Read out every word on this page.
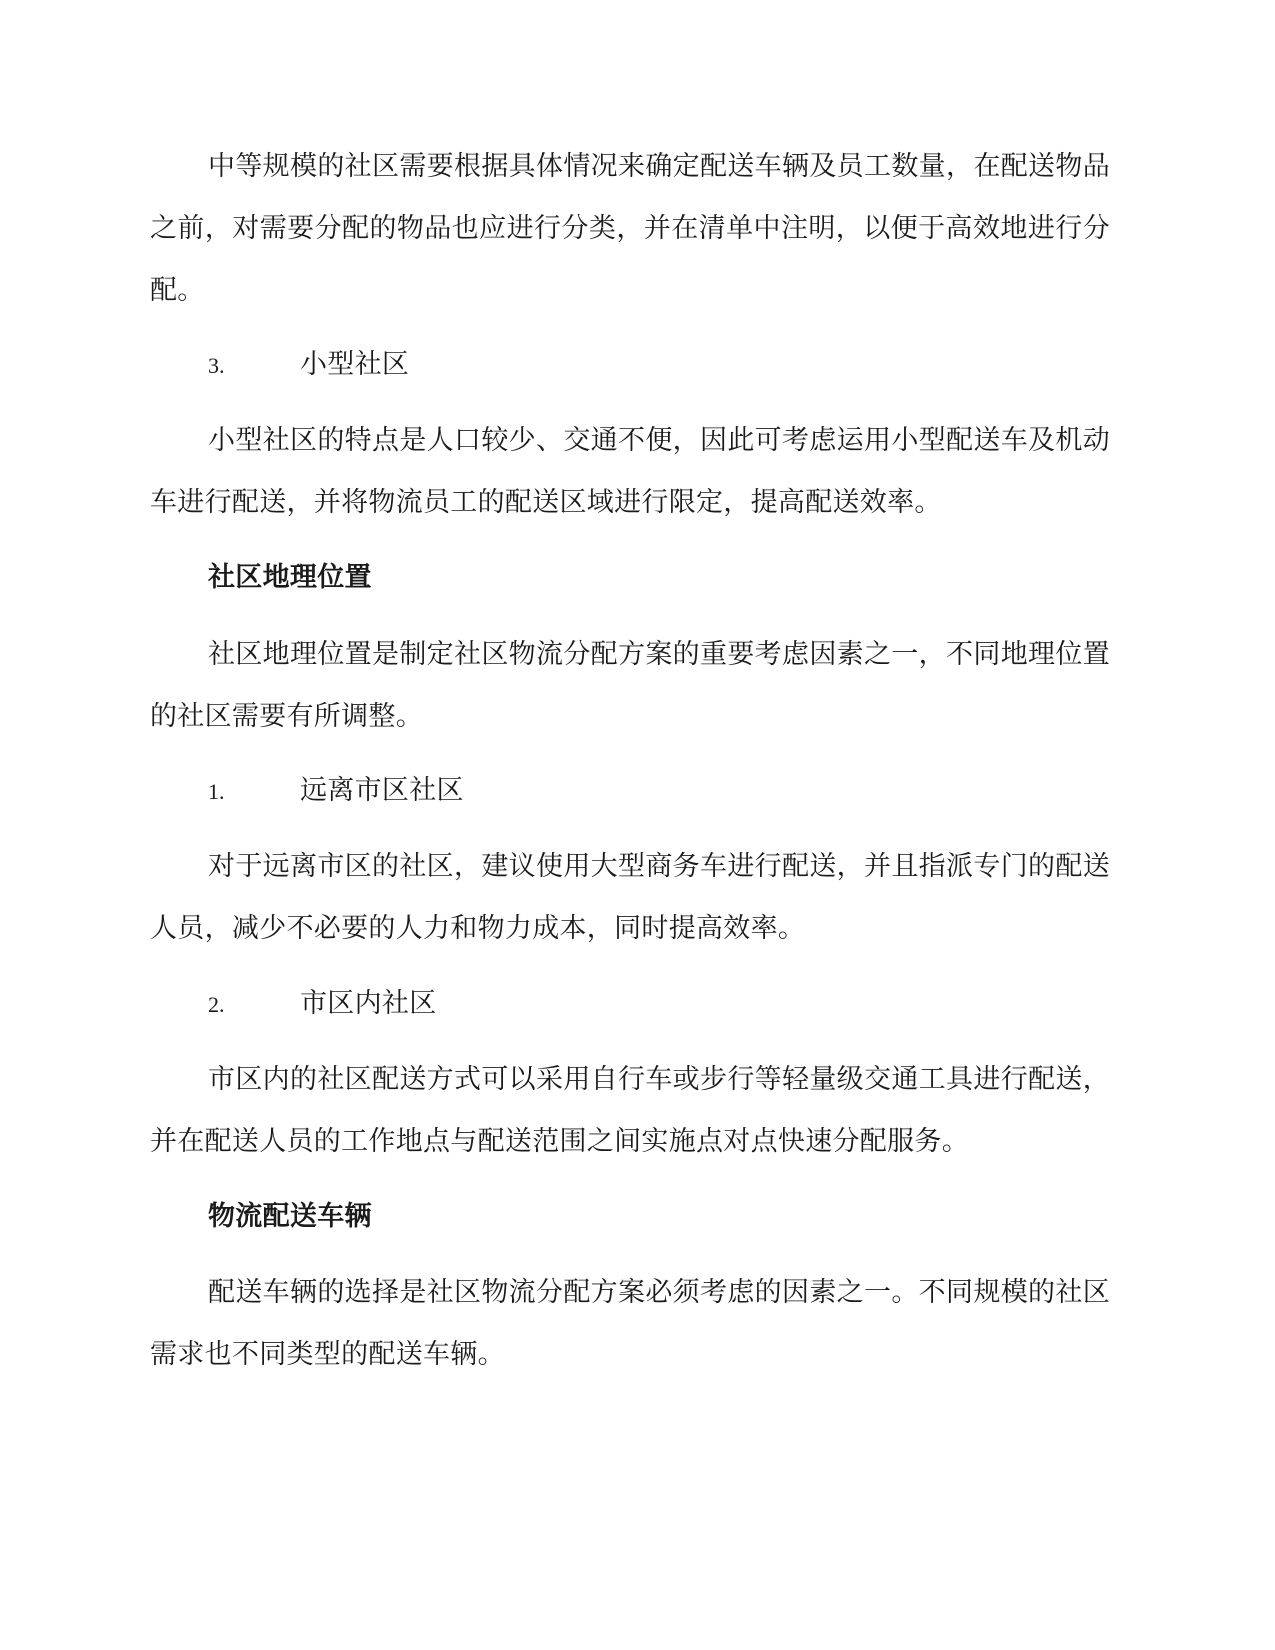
中等规模的社区需要根据具体情况来确定配送车辆及员工数量，在配送物品之前，对需要分配的物品也应进行分类，并在清单中注明，以便于高效地进行分配。

3.	小型社区

小型社区的特点是人口较少、交通不便，因此可考虑运用小型配送车及机动车进行配送，并将物流员工的配送区域进行限定，提高配送效率。

社区地理位置

社区地理位置是制定社区物流分配方案的重要考虑因素之一，不同地理位置的社区需要有所调整。

1.	远离市区社区

对于远离市区的社区，建议使用大型商务车进行配送，并且指派专门的配送人员，减少不必要的人力和物力成本，同时提高效率。

2.	市区内社区

市区内的社区配送方式可以采用自行车或步行等轻量级交通工具进行配送，并在配送人员的工作地点与配送范围之间实施点对点快速分配服务。

物流配送车辆

配送车辆的选择是社区物流分配方案必须考虑的因素之一。不同规模的社区需求也不同类型的配送车辆。
